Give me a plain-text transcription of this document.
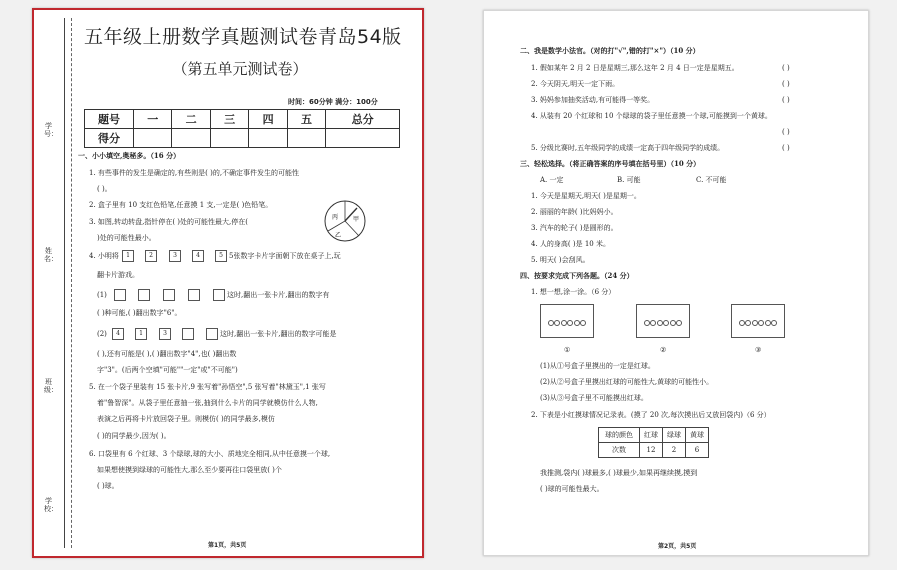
学号：
姓名：
班级：
学校：
五年级上册数学真题测试卷青岛54版
（第五单元测试卷）
时间：60分钟 满分：100分
题号	一	二	三	四	五	总分
得分						
一、小小填空,奥秘多。（16 分）
1. 有些事件的发生是确定的,有些则是( )的,不确定事件发生的可能性
( )。
2. 盒子里有 10 支红色铅笔,任意摸 1 支,一定是( )色铅笔。
3. 如图,转动转盘,指针停在( )处的可能性最大,停在(
)处的可能性最小。
甲
乙
丙
4. 小明将	1	2	3	4	5 5张数字卡片字面朝下放在桌子上,玩
翻卡片游戏。
(1)	这时,翻出一张卡片,翻出的数字有
( )种可能,( )翻出数字"6"。
(2)	4	1	3	这时,翻出一张卡片,翻出的数字可能是
( ),还有可能是( ),( )翻出数字"4",也( )翻出数
字"3"。(后两个空填"可能""一定"或"不可能")
5. 在一个袋子里装有 15 张卡片,9 张写着"孙悟空",5 张写着"林黛玉",1 张写
着"鲁智深"。从袋子里任意抽一张,抽到什么卡片的同学就模仿什么人物,
表演之后再将卡片放回袋子里。则模仿( )的同学最多,模仿
( )的同学最少,因为( )。
6. 口袋里有 6 个红球、3 个绿球,球的大小、质地完全相同,从中任意摸一个球,
如果想使摸到绿球的可能性大,那么至少要再往口袋里放( )个
( )球。
第1页，共5页
二、我是数学小法官。（对的打"√",错的打"×"）（10 分）
1. 假如某年 2 月 2 日是星期三,那么这年 2 月 4 日一定是星期五。	( )
2. 今天阴天,明天一定下雨。	( )
3. 妈妈参加抽奖活动,有可能得一等奖。	( )
4. 从装有 20 个红球和 10 个绿球的袋子里任意摸一个球,可能摸到一个黄球。
( )
5. 分级比赛时,五年级同学的成绩一定高于四年级同学的成绩。	( )
三、轻松选择。（将正确答案的序号填在括号里）（10 分）
A. 一定	B. 可能	C. 不可能
1. 今天是星期天,明天( )是星期一。
2. 丽丽的年龄( )比妈妈小。
3. 汽车的轮子( )是圆形的。
4. 人的身高( )是 10 米。
5. 明天( )会刮风。
四、按要求完成下列各题。（24 分）
1. 想一想,涂一涂。（6 分）
①	②	③
(1)从①号盒子里摸出的一定是红球。
(2)从②号盒子里摸出红球的可能性大,黄球的可能性小。
(3)从③号盒子里不可能摸出红球。
2. 下表是小红摸球情况记录表。(摸了 20 次,每次摸出后又放回袋内)（6 分）
球的颜色	红球	绿球	黄球
次数	12	2	6
我推测,袋内( )球最多,( )球最少,如果再继续摸,摸到
( )球的可能性最大。
第2页，共5页
